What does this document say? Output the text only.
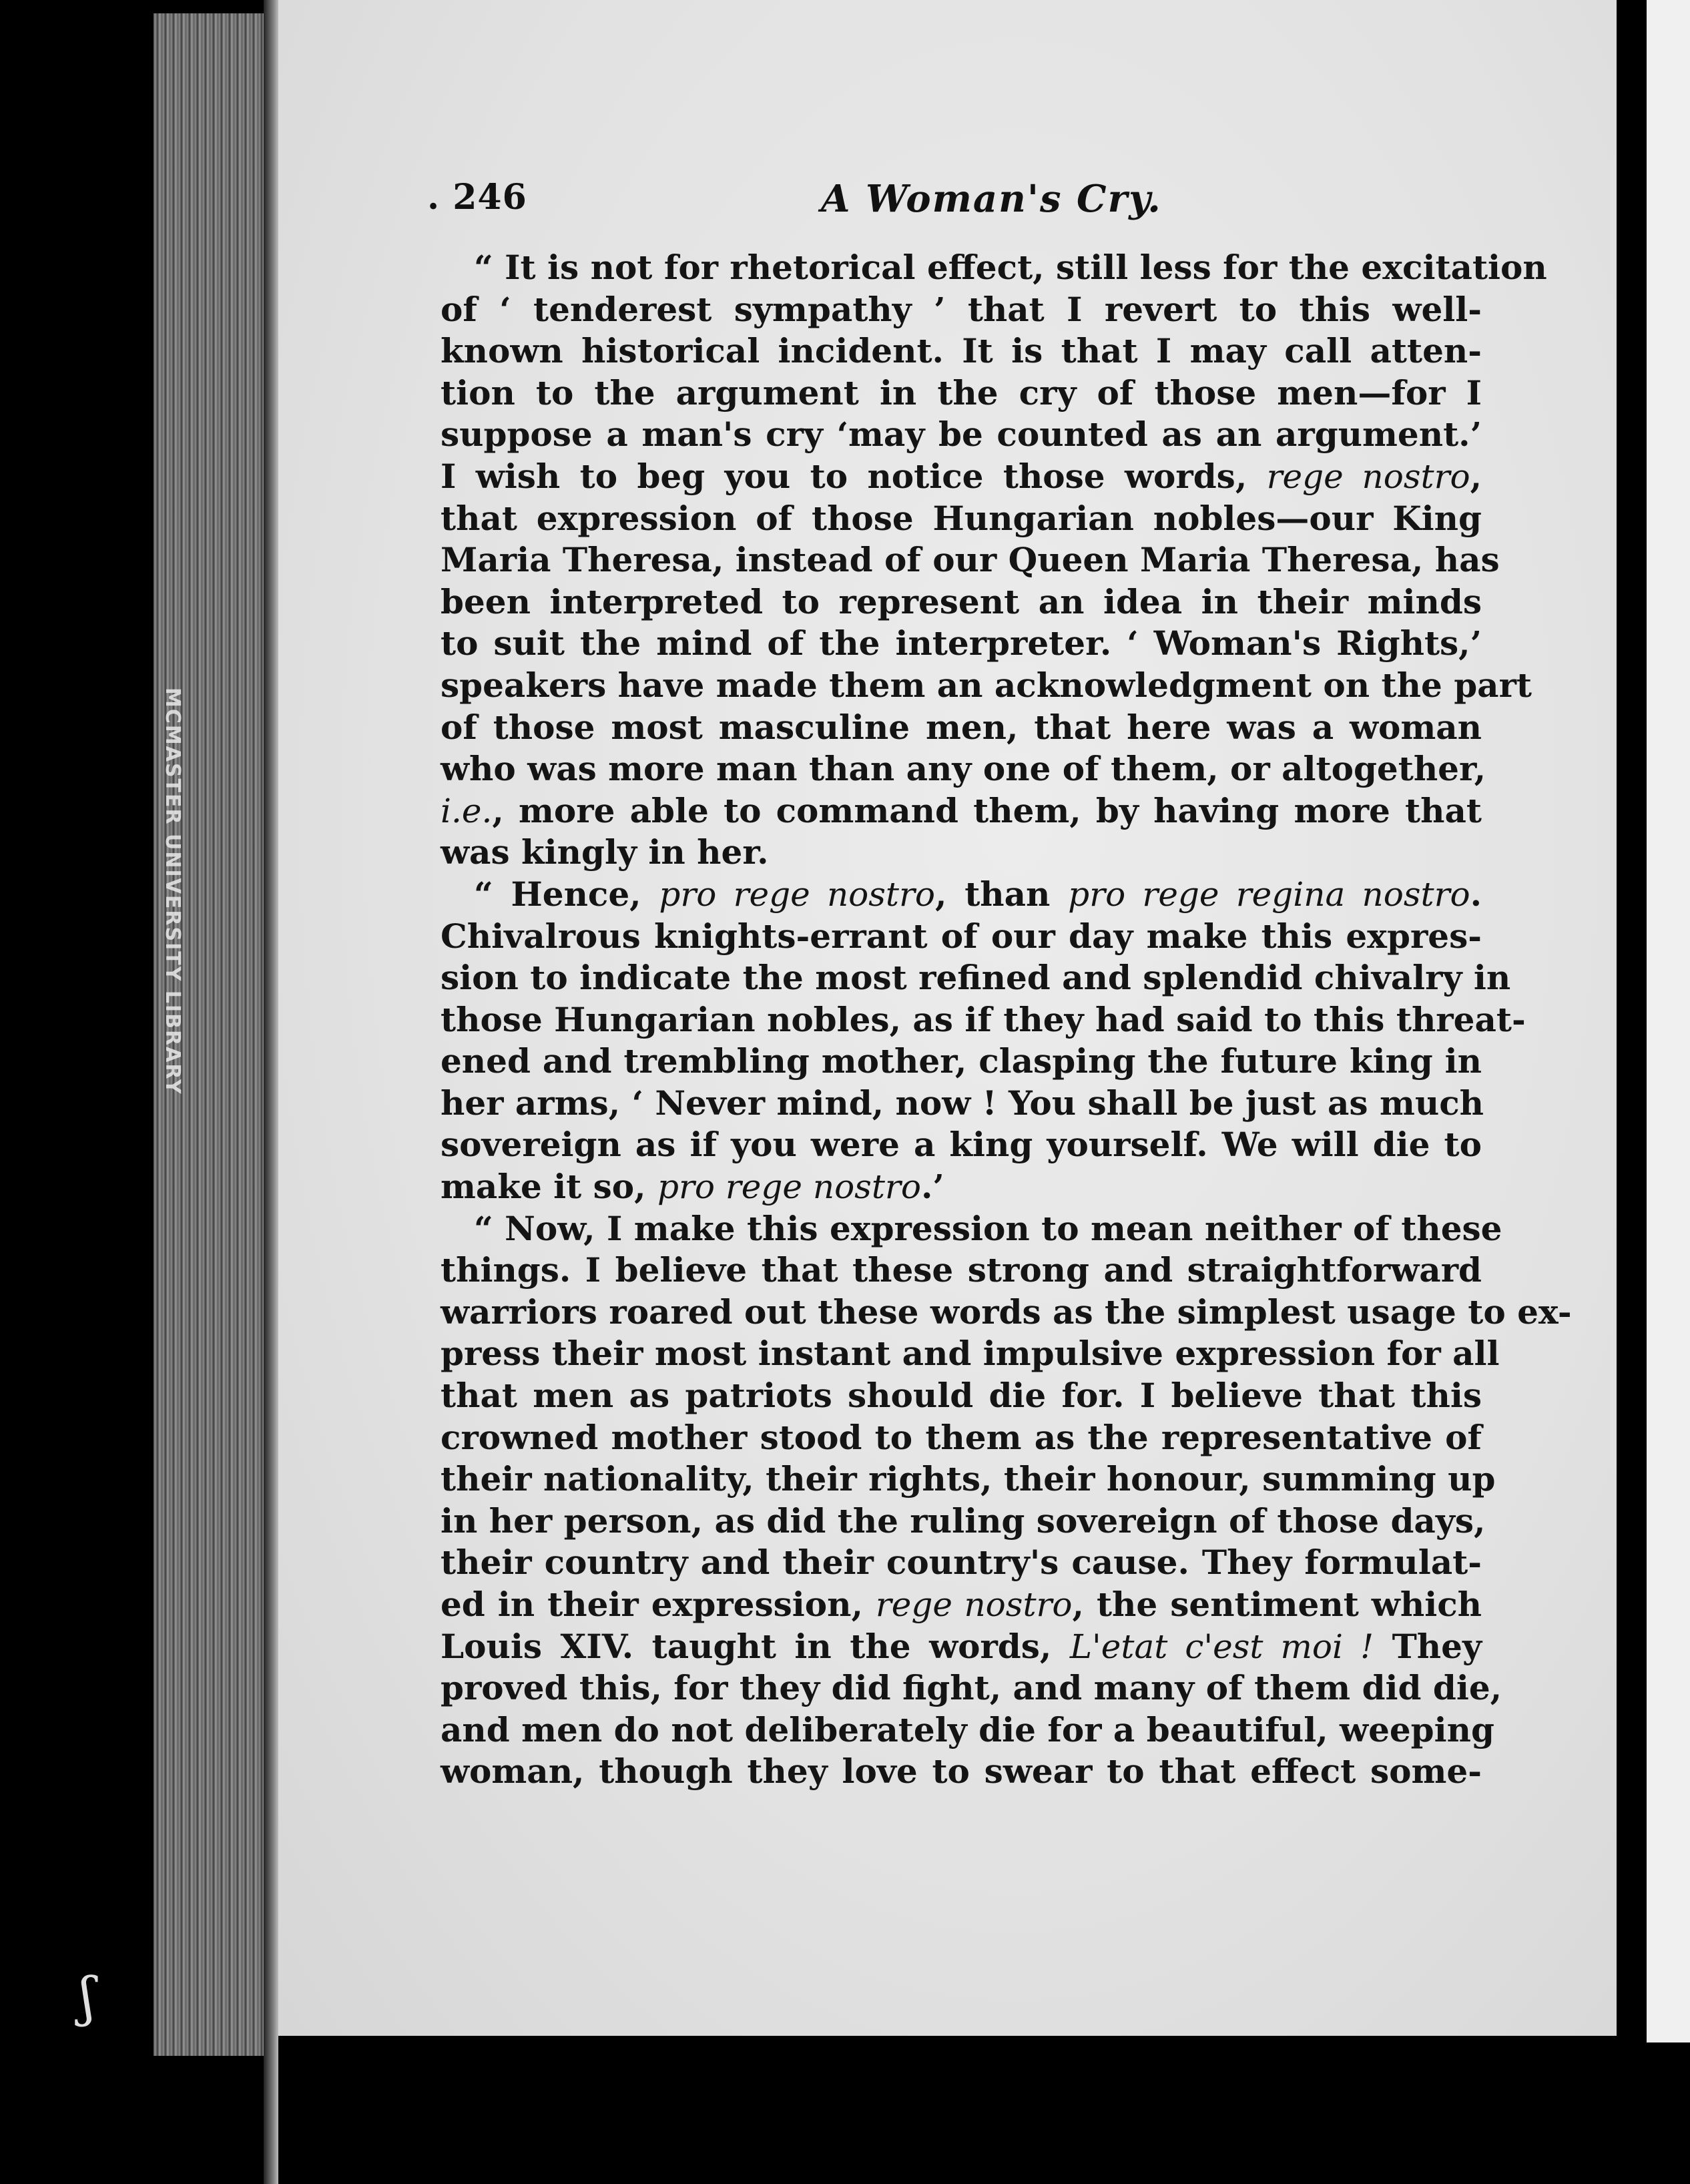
MCMASTER UNIVERSITY LIBRARY
. 246	A Woman's Cry.
“ It is not for rhetorical effect, still less for the excitation
of ‘ tenderest sympathy ’ that I revert to this well-
known historical incident. It is that I may call atten-
tion to the argument in the cry of those men—for I
suppose a man's cry ‘may be counted as an argument.’
I wish to beg you to notice those words, rege nostro,
that expression of those Hungarian nobles—our King
Maria Theresa, instead of our Queen Maria Theresa, has
been interpreted to represent an idea in their minds
to suit the mind of the interpreter. ‘ Woman's Rights,’
speakers have made them an acknowledgment on the part
of those most masculine men, that here was a woman
who was more man than any one of them, or altogether,
i.e., more able to command them, by having more that
was kingly in her.
“ Hence, pro rege nostro, than pro rege regina nostro.
Chivalrous knights-errant of our day make this expres-
sion to indicate the most refined and splendid chivalry in
those Hungarian nobles, as if they had said to this threat-
ened and trembling mother, clasping the future king in
her arms, ‘ Never mind, now ! You shall be just as much
sovereign as if you were a king yourself. We will die to
make it so, pro rege nostro.’
“ Now, I make this expression to mean neither of these
things. I believe that these strong and straightforward
warriors roared out these words as the simplest usage to ex-
press their most instant and impulsive expression for all
that men as patriots should die for. I believe that this
crowned mother stood to them as the representative of
their nationality, their rights, their honour, summing up
in her person, as did the ruling sovereign of those days,
their country and their country's cause. They formulat-
ed in their expression, rege nostro, the sentiment which
Louis XIV. taught in the words, L'etat c'est moi ! They
proved this, for they did fight, and many of them did die,
and men do not deliberately die for a beautiful, weeping
woman, though they love to swear to that effect some-
ʃ
